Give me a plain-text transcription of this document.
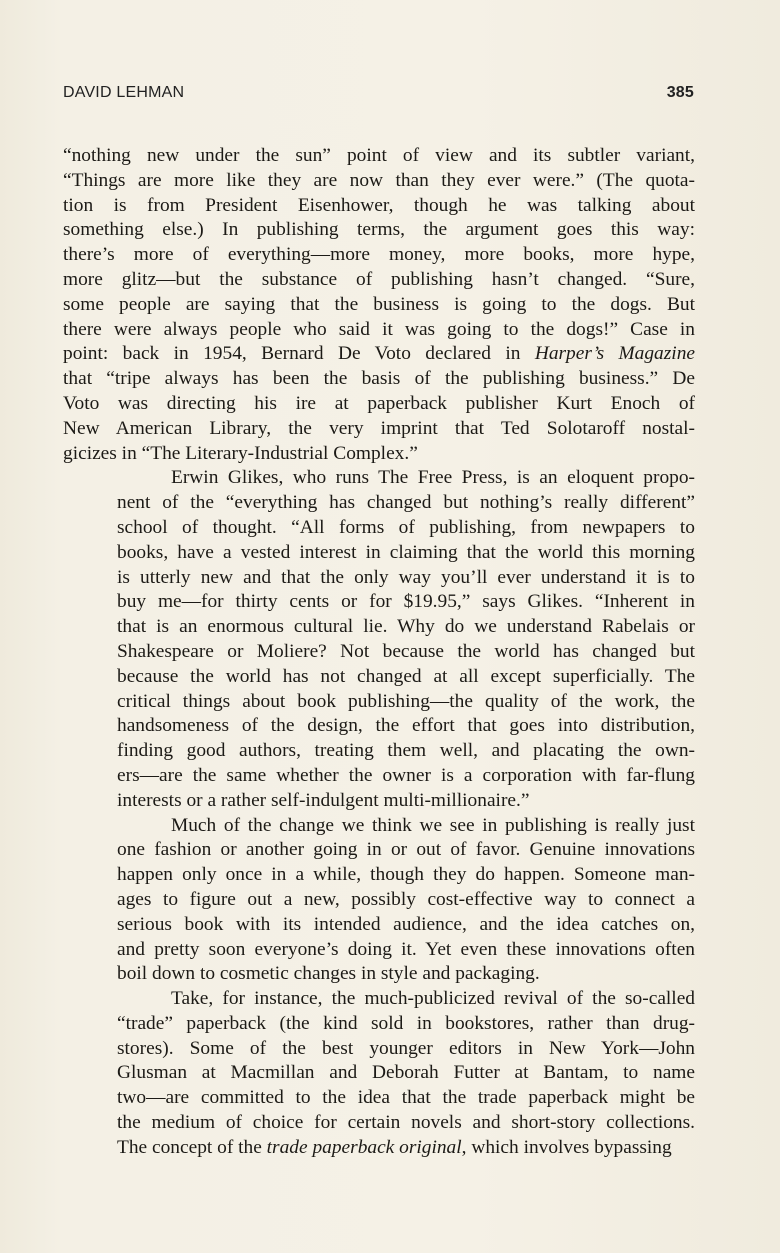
DAVID LEHMAN	385

“nothing new under the sun” point of view and its subtler variant,
“Things are more like they are now than they ever were.” (The quota-
tion is from President Eisenhower, though he was talking about
something else.) In publishing terms, the argument goes this way:
there’s more of everything—more money, more books, more hype,
more glitz—but the substance of publishing hasn’t changed. “Sure,
some people are saying that the business is going to the dogs. But
there were always people who said it was going to the dogs!” Case in
point: back in 1954, Bernard De Voto declared in Harper’s Magazine
that “tripe always has been the basis of the publishing business.” De
Voto was directing his ire at paperback publisher Kurt Enoch of
New American Library, the very imprint that Ted Solotaroff nostal-
gicizes in “The Literary-Industrial Complex.”

Erwin Glikes, who runs The Free Press, is an eloquent propo-
nent of the “everything has changed but nothing’s really different”
school of thought. “All forms of publishing, from newpapers to
books, have a vested interest in claiming that the world this morning
is utterly new and that the only way you’ll ever understand it is to
buy me—for thirty cents or for $19.95,” says Glikes. “Inherent in
that is an enormous cultural lie. Why do we understand Rabelais or
Shakespeare or Moliere? Not because the world has changed but
because the world has not changed at all except superficially. The
critical things about book publishing—the quality of the work, the
handsomeness of the design, the effort that goes into distribution,
finding good authors, treating them well, and placating the own-
ers—are the same whether the owner is a corporation with far-flung
interests or a rather self-indulgent multi-millionaire.”

Much of the change we think we see in publishing is really just
one fashion or another going in or out of favor. Genuine innovations
happen only once in a while, though they do happen. Someone man-
ages to figure out a new, possibly cost-effective way to connect a
serious book with its intended audience, and the idea catches on,
and pretty soon everyone’s doing it. Yet even these innovations often
boil down to cosmetic changes in style and packaging.

Take, for instance, the much-publicized revival of the so-called
“trade” paperback (the kind sold in bookstores, rather than drug-
stores). Some of the best younger editors in New York—John
Glusman at Macmillan and Deborah Futter at Bantam, to name
two—are committed to the idea that the trade paperback might be
the medium of choice for certain novels and short-story collections.
The concept of the trade paperback original, which involves bypassing
